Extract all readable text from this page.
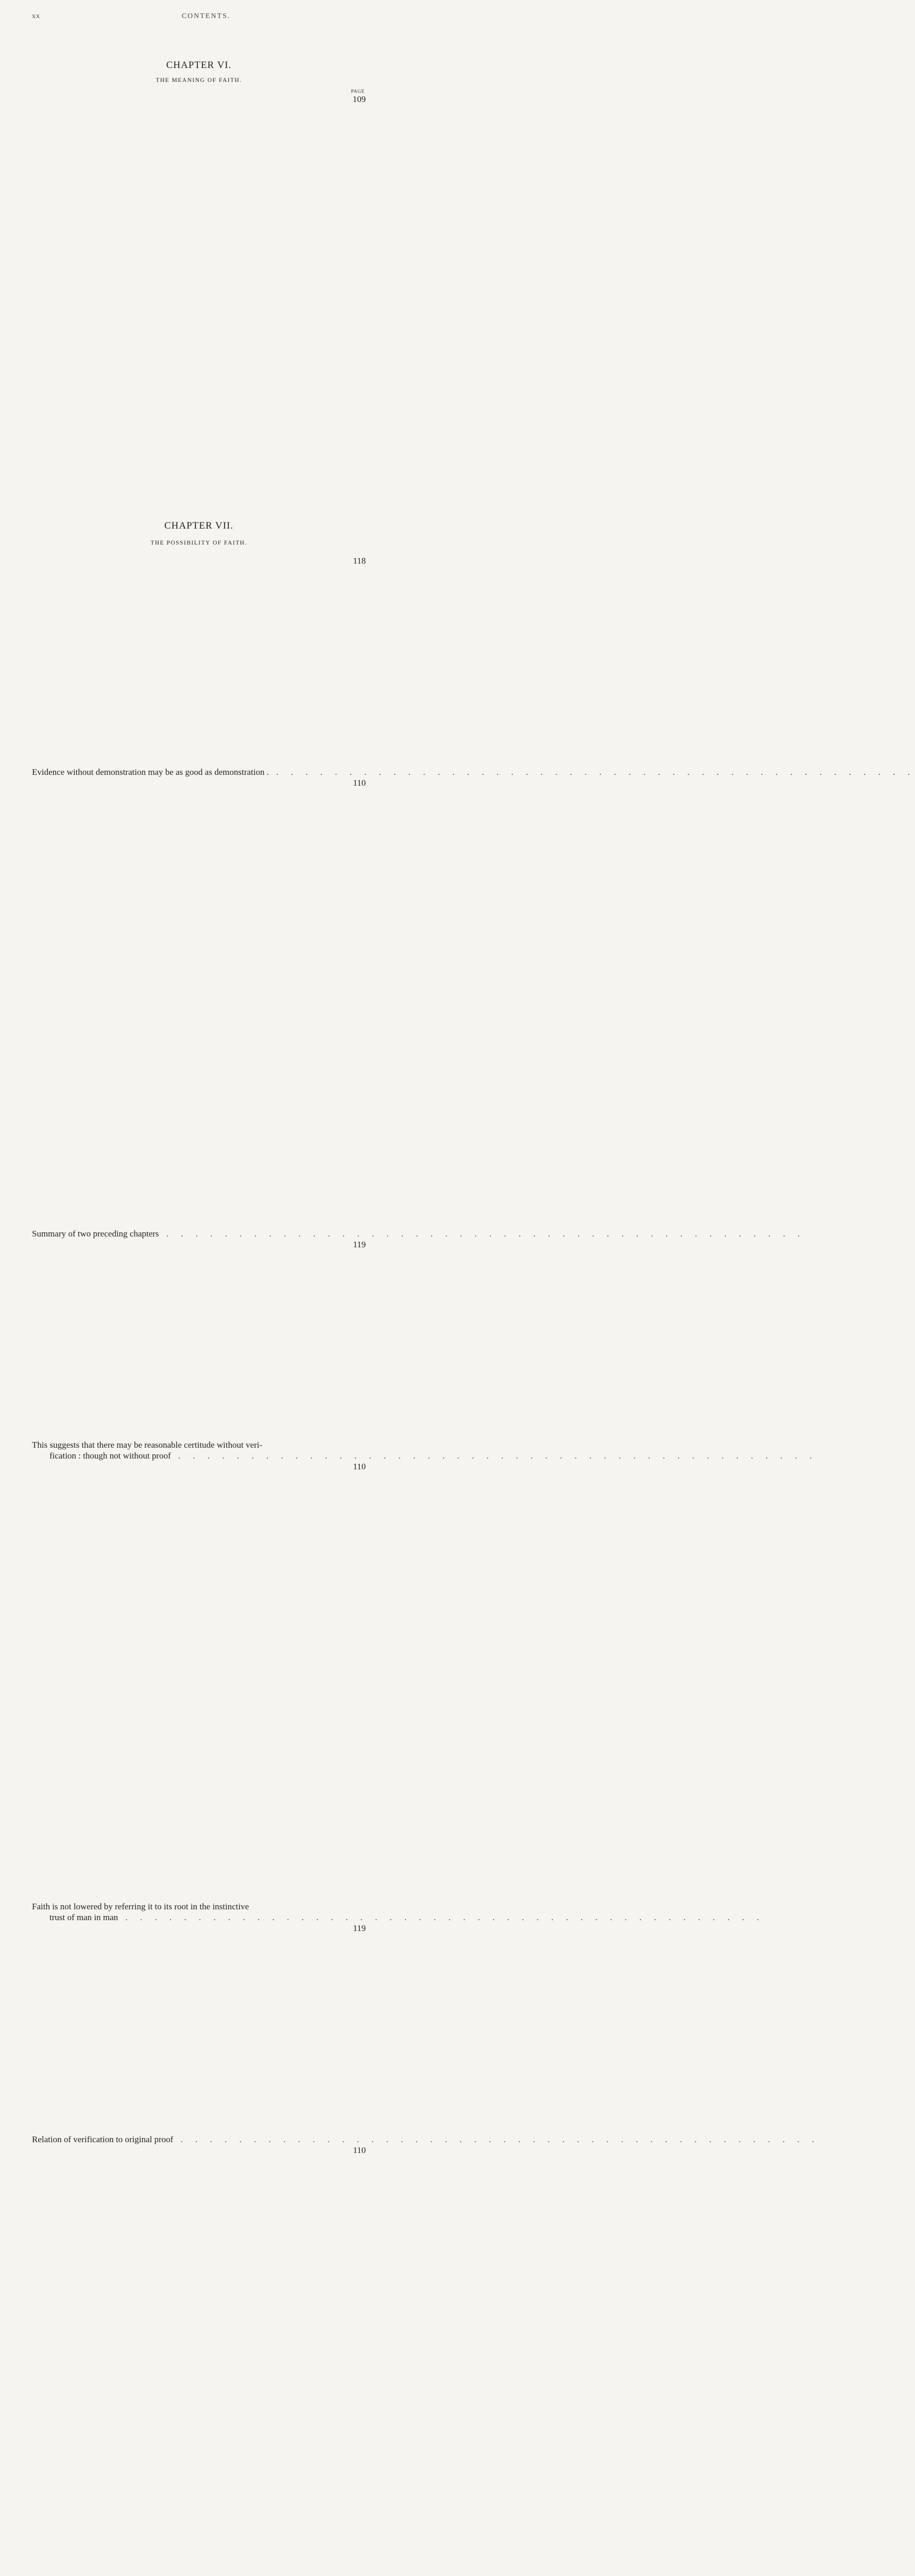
xx	CONTENTS.
CHAPTER VI.
THE MEANING OF FAITH.
PAGE
Evidence without demonstration may be as good as demonstration . . . . . . . . . . . . . . . . . . . . . . . . . . . . . . . . . . . . . . . . . . . . .
109
This suggests that there may be reasonable certitude without veri-
fication : though not without proof . . . . . . . . . . . . . . . . . . . . . . . . . . . . . . . . . . . . . . . . . . . .
110
Relation of verification to original proof . . . . . . . . . . . . . . . . . . . . . . . . . . . . . . . . . . . . . . . . . . . .
110
110
CHAPTER VII.
THE POSSIBILITY OF FAITH.
Summary of two preceding chapters . . . . . . . . . . . . . . . . . . . . . . . . . . . . . . . . . . . . . . . . . . . .
118
Faith is not lowered by referring it to its root in the instinctive
trust of man in man . . . . . . . . . . . . . . . . . . . . . . . . . . . . . . . . . . . . . . . . . . . .
119
119
